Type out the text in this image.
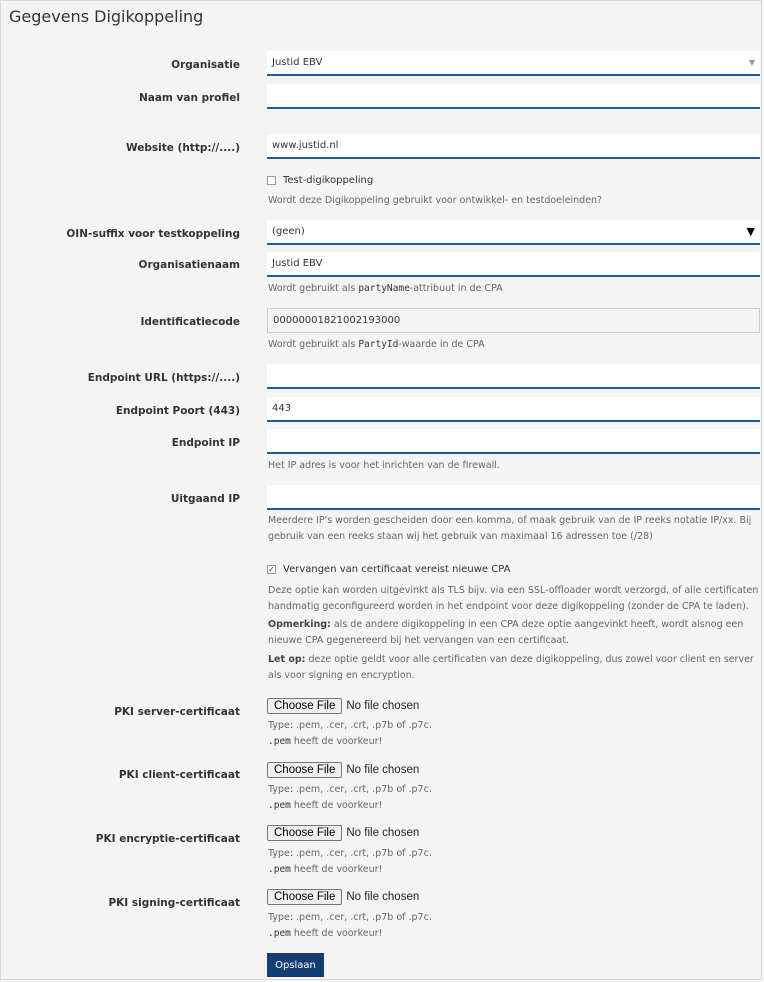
Gegevens Digikoppeling
Organisatie	Justid EBV	▼
Naam van profiel
Website (http://....)	www.justid.nl
Test-digikoppeling
Wordt deze Digikoppeling gebruikt voor ontwikkel- en testdoeleinden?
OIN-suffix voor testkoppeling	(geen)	▼
Organisatienaam	Justid EBV
Wordt gebruikt als partyName-attribuut in de CPA
Identificatiecode	00000001821002193000
Wordt gebruikt als PartyId-waarde in de CPA
Endpoint URL (https://....)
Endpoint Poort (443)	443
Endpoint IP
Het IP adres is voor het inrichten van de firewall.
Uitgaand IP
Meerdere IP's worden gescheiden door een komma, of maak gebruik van de IP reeks notatie IP/xx. Bij gebruik van een reeks staan wij het gebruik van maximaal 16 adressen toe (/28)
✓ Vervangen van certificaat vereist nieuwe CPA
Deze optie kan worden uitgevinkt als TLS bijv. via een SSL-offloader wordt verzorgd, of alle certificaten handmatig geconfigureerd worden in het endpoint voor deze digikoppeling (zonder de CPA te laden).
Opmerking: als de andere digikoppeling in een CPA deze optie aangevinkt heeft, wordt alsnog een nieuwe CPA gegenereerd bij het vervangen van een certificaat.
Let op: deze optie geldt voor alle certificaten van deze digikoppeling, dus zowel voor client en server als voor signing en encryption.
PKI server-certificaat	Choose File No file chosen
Type: .pem, .cer, .crt, .p7b of .p7c.
.pem heeft de voorkeur!
PKI client-certificaat	Choose File No file chosen
Type: .pem, .cer, .crt, .p7b of .p7c.
.pem heeft de voorkeur!
PKI encryptie-certificaat	Choose File No file chosen
Type: .pem, .cer, .crt, .p7b of .p7c.
.pem heeft de voorkeur!
PKI signing-certificaat	Choose File No file chosen
Type: .pem, .cer, .crt, .p7b of .p7c.
.pem heeft de voorkeur!
Opslaan
